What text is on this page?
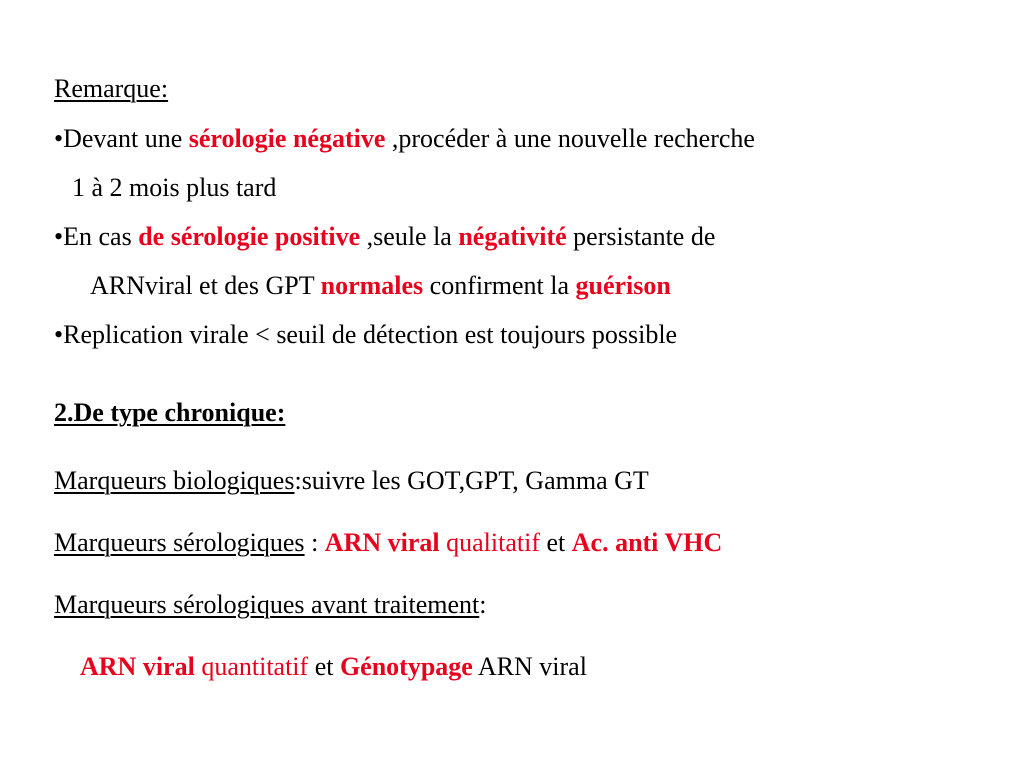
Remarque:
•Devant une sérologie négative ,procéder à une nouvelle recherche
1 à 2 mois plus tard
•En cas de sérologie positive ,seule la négativité persistante de
ARNviral et des GPT normales confirment la guérison
•Replication virale < seuil de détection est toujours possible
2.De type chronique:
Marqueurs biologiques:suivre les GOT,GPT, Gamma GT
Marqueurs sérologiques : ARN viral qualitatif et Ac. anti VHC
Marqueurs sérologiques avant traitement:
ARN viral quantitatif et Génotypage ARN viral
